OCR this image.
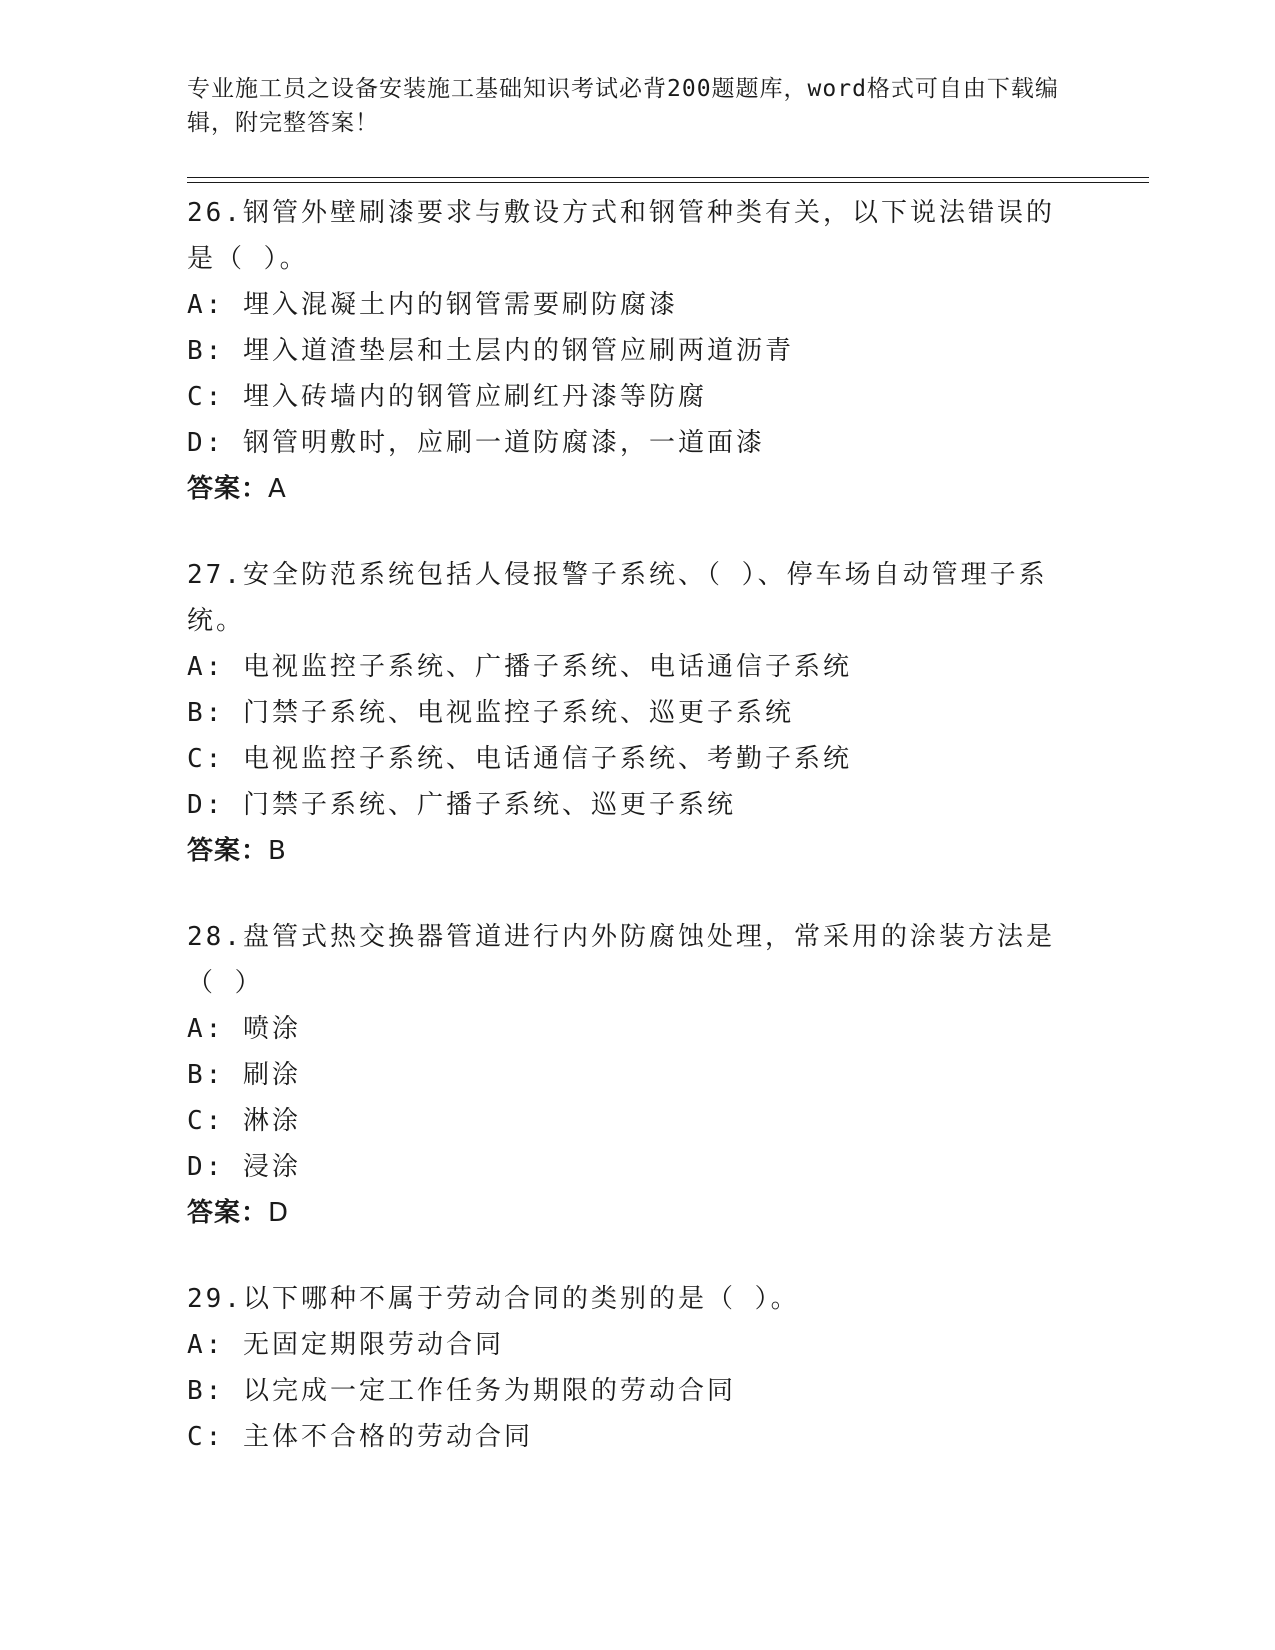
专业施工员之设备安装施工基础知识考试必背200题题库，word格式可自由下载编辑，附完整答案！
26.钢管外壁刷漆要求与敷设方式和钢管种类有关，以下说法错误的是（ ）。
A: 埋入混凝土内的钢管需要刷防腐漆
B: 埋入道渣垫层和土层内的钢管应刷两道沥青
C: 埋入砖墙内的钢管应刷红丹漆等防腐
D: 钢管明敷时，应刷一道防腐漆，一道面漆
答案：A
27.安全防范系统包括人侵报警子系统、（ ）、停车场自动管理子系统。
A: 电视监控子系统、广播子系统、电话通信子系统
B: 门禁子系统、电视监控子系统、巡更子系统
C: 电视监控子系统、电话通信子系统、考勤子系统
D: 门禁子系统、广播子系统、巡更子系统
答案：B
28.盘管式热交换器管道进行内外防腐蚀处理，常采用的涂装方法是（ ）
A: 喷涂
B: 刷涂
C: 淋涂
D: 浸涂
答案：D
29.以下哪种不属于劳动合同的类别的是（ ）。
A: 无固定期限劳动合同
B: 以完成一定工作任务为期限的劳动合同
C: 主体不合格的劳动合同
